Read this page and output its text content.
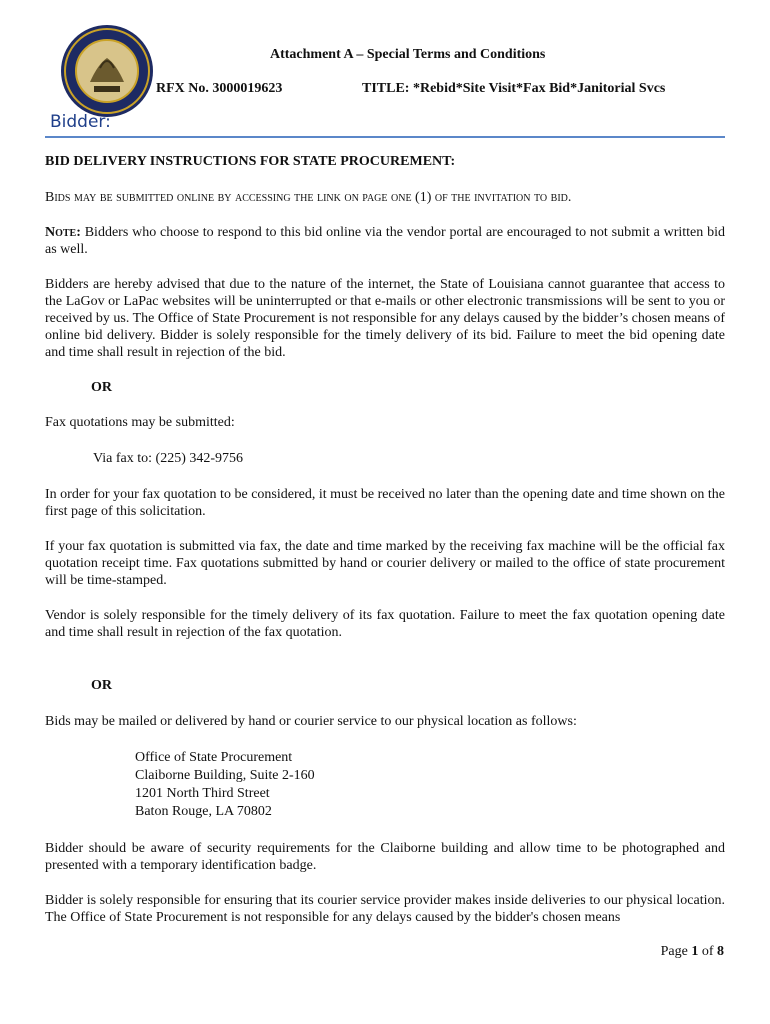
Attachment A – Special Terms and Conditions
RFX No. 3000019623	TITLE: *Rebid*Site Visit*Fax Bid*Janitorial Svcs
Bidder:

BID DELIVERY INSTRUCTIONS FOR STATE PROCUREMENT:

Bids may be submitted online by accessing the link on page one (1) of the invitation to bid.

Note: Bidders who choose to respond to this bid online via the vendor portal are encouraged to not submit a written bid as well.

Bidders are hereby advised that due to the nature of the internet, the State of Louisiana cannot guarantee that access to the LaGov or LaPac websites will be uninterrupted or that e-mails or other electronic transmissions will be sent to you or received by us. The Office of State Procurement is not responsible for any delays caused by the bidder’s chosen means of online bid delivery. Bidder is solely responsible for the timely delivery of its bid. Failure to meet the bid opening date and time shall result in rejection of the bid.

OR

Fax quotations may be submitted:

Via fax to: (225) 342-9756

In order for your fax quotation to be considered, it must be received no later than the opening date and time shown on the first page of this solicitation.

If your fax quotation is submitted via fax, the date and time marked by the receiving fax machine will be the official fax quotation receipt time. Fax quotations submitted by hand or courier delivery or mailed to the office of state procurement will be time-stamped.

Vendor is solely responsible for the timely delivery of its fax quotation. Failure to meet the fax quotation opening date and time shall result in rejection of the fax quotation.

OR

Bids may be mailed or delivered by hand or courier service to our physical location as follows:

Office of State Procurement
Claiborne Building, Suite 2-160
1201 North Third Street
Baton Rouge, LA 70802

Bidder should be aware of security requirements for the Claiborne building and allow time to be photographed and presented with a temporary identification badge.

Bidder is solely responsible for ensuring that its courier service provider makes inside deliveries to our physical location. The Office of State Procurement is not responsible for any delays caused by the bidder's chosen means

Page 1 of 8
